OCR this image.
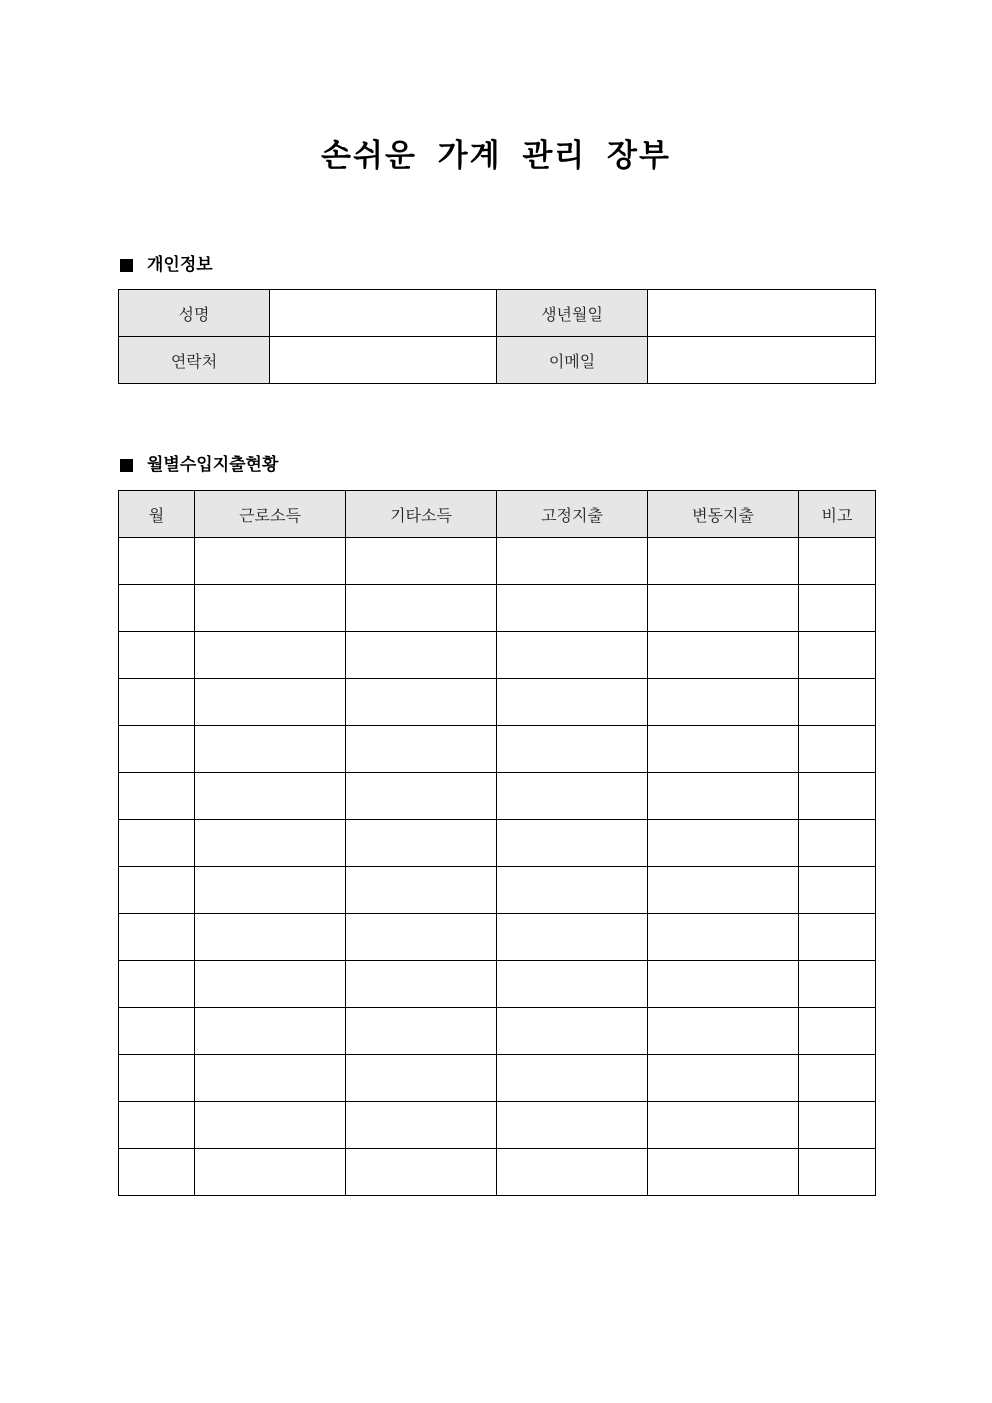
손쉬운 가계 관리 장부
개인정보
성명		생년월일	
연락처		이메일	
월별수입지출현황
월	근로소득	기타소득	고정지출	변동지출	비고
